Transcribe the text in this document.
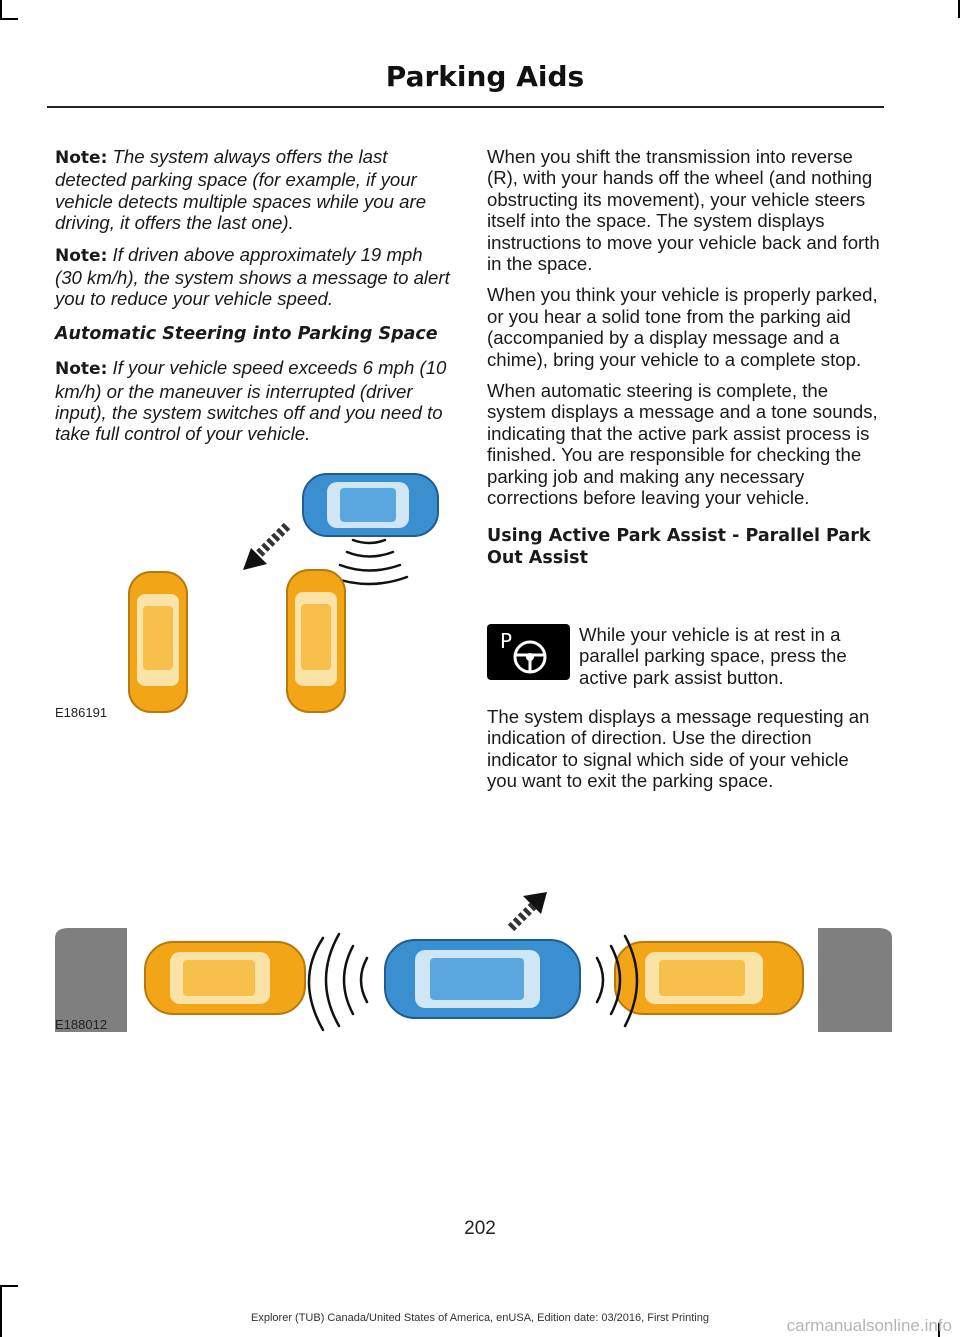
Parking Aids

Note: The system always offers the last detected parking space (for example, if your vehicle detects multiple spaces while you are driving, it offers the last one).

Note: If driven above approximately 19 mph (30 km/h), the system shows a message to alert you to reduce your vehicle speed.

Automatic Steering into Parking Space

Note: If your vehicle speed exceeds 6 mph (10 km/h) or the maneuver is interrupted (driver input), the system switches off and you need to take full control of your vehicle.

E186191

When you shift the transmission into reverse (R), with your hands off the wheel (and nothing obstructing its movement), your vehicle steers itself into the space. The system displays instructions to move your vehicle back and forth in the space.

When you think your vehicle is properly parked, or you hear a solid tone from the parking aid (accompanied by a display message and a chime), bring your vehicle to a complete stop.

When automatic steering is complete, the system displays a message and a tone sounds, indicating that the active park assist process is finished. You are responsible for checking the parking job and making any necessary corrections before leaving your vehicle.

Using Active Park Assist - Parallel Park Out Assist
P	While your vehicle is at rest in a parallel parking space, press the active park assist button.
The system displays a message requesting an indication of direction. Use the direction indicator to signal which side of your vehicle you want to exit the parking space.
E188012
202
Explorer (TUB) Canada/United States of America, enUSA, Edition date: 03/2016, First Printing	carmanualsonline.info
